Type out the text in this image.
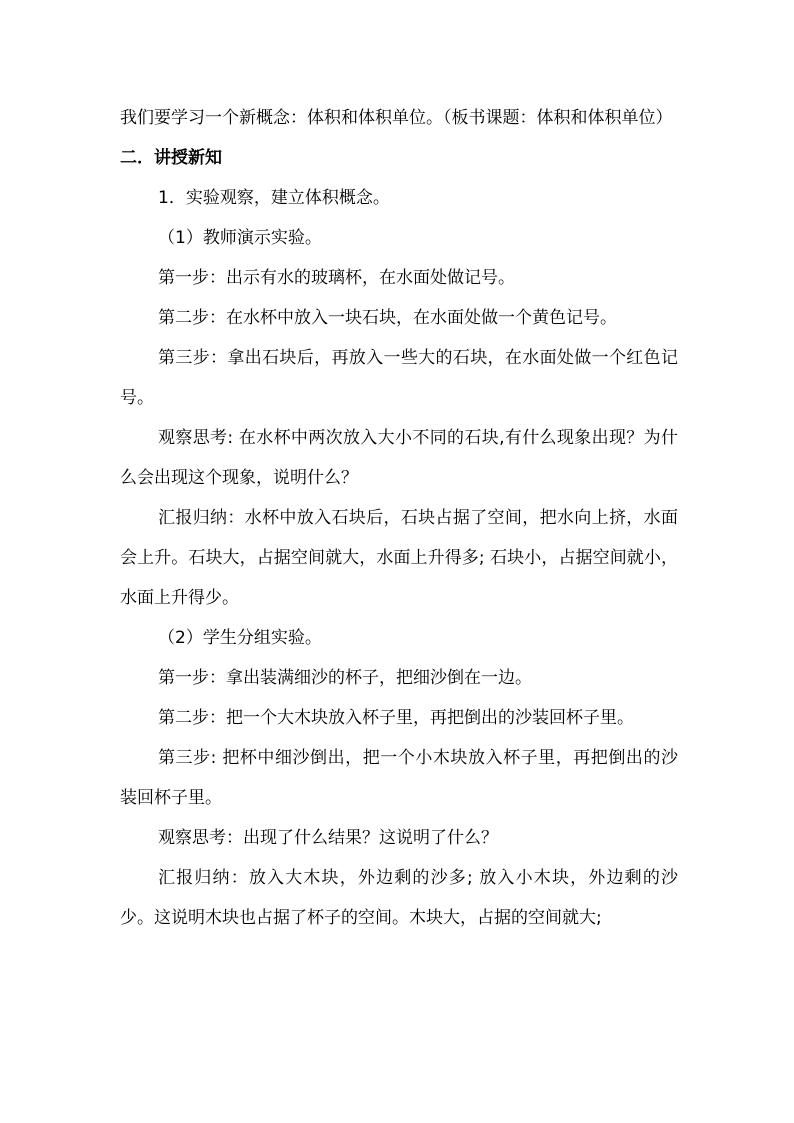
我们要学习一个新概念：体积和体积单位。（板书课题：体积和体积单位）

二．讲授新知

1．实验观察，建立体积概念。

（1）教师演示实验。

第一步：出示有水的玻璃杯，在水面处做记号。

第二步：在水杯中放入一块石块，在水面处做一个黄色记号。

第三步：拿出石块后，再放入一些大的石块，在水面处做一个红色记号。

观察思考: 在水杯中两次放入大小不同的石块,有什么现象出现？为什么会出现这个现象，说明什么？

汇报归纳：水杯中放入石块后，石块占据了空间，把水向上挤，水面会上升。石块大，占据空间就大，水面上升得多; 石块小，占据空间就小，水面上升得少。

（2）学生分组实验。

第一步：拿出装满细沙的杯子，把细沙倒在一边。

第二步：把一个大木块放入杯子里，再把倒出的沙装回杯子里。

第三步: 把杯中细沙倒出，把一个小木块放入杯子里，再把倒出的沙装回杯子里。

观察思考：出现了什么结果？这说明了什么？

汇报归纳：放入大木块，外边剩的沙多; 放入小木块，外边剩的沙少。这说明木块也占据了杯子的空间。木块大，占据的空间就大;
